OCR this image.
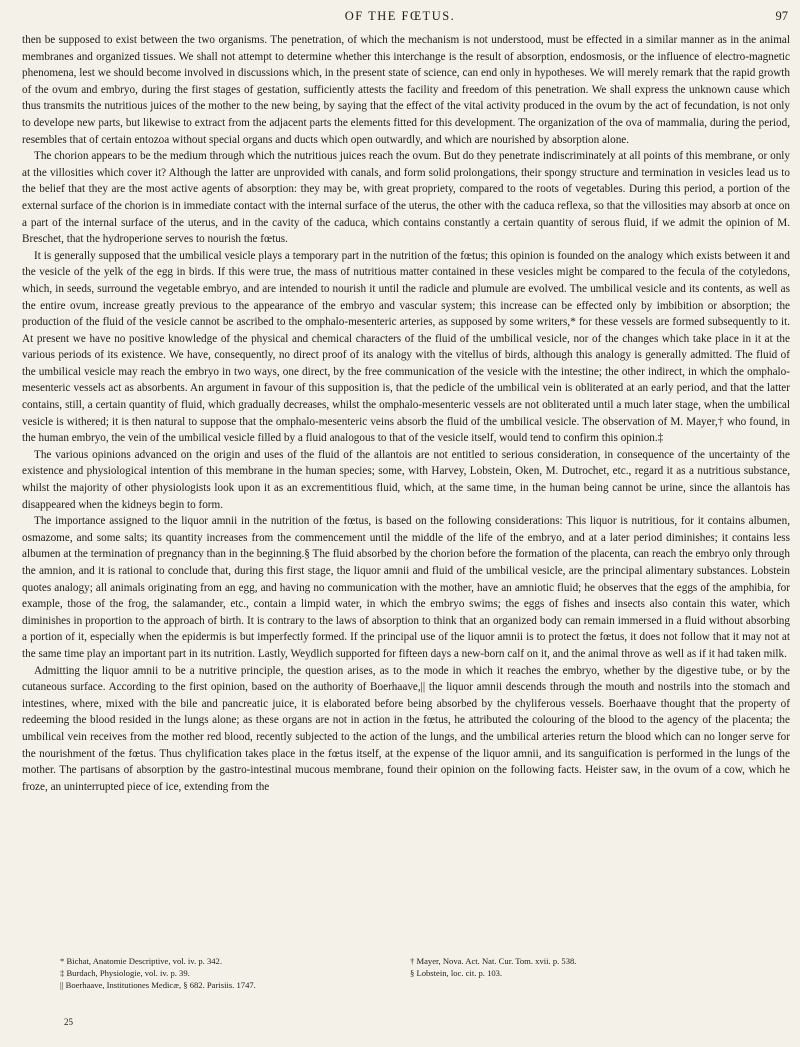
OF THE FŒTUS.	97

then be supposed to exist between the two organisms. The penetration, of which the mechanism is not understood, must be effected in a similar manner as in the animal membranes and organized tissues. We shall not attempt to determine whether this interchange is the result of absorption, endosmosis, or the influence of electro-magnetic phenomena, lest we should become involved in discussions which, in the present state of science, can end only in hypotheses. We will merely remark that the rapid growth of the ovum and embryo, during the first stages of gestation, sufficiently attests the facility and freedom of this penetration. We shall express the unknown cause which thus transmits the nutritious juices of the mother to the new being, by saying that the effect of the vital activity produced in the ovum by the act of fecundation, is not only to develope new parts, but likewise to extract from the adjacent parts the elements fitted for this development. The organization of the ova of mammalia, during the period, resembles that of certain entozoa without special organs and ducts which open outwardly, and which are nourished by absorption alone.

The chorion appears to be the medium through which the nutritious juices reach the ovum. But do they penetrate indiscriminately at all points of this membrane, or only at the villosities which cover it? Although the latter are unprovided with canals, and form solid prolongations, their spongy structure and termination in vesicles lead us to the belief that they are the most active agents of absorption: they may be, with great propriety, compared to the roots of vegetables. During this period, a portion of the external surface of the chorion is in immediate contact with the internal surface of the uterus, the other with the caduca reflexa, so that the villosities may absorb at once on a part of the internal surface of the uterus, and in the cavity of the caduca, which contains constantly a certain quantity of serous fluid, if we admit the opinion of M. Breschet, that the hydroperione serves to nourish the fœtus.

It is generally supposed that the umbilical vesicle plays a temporary part in the nutrition of the fœtus; this opinion is founded on the analogy which exists between it and the vesicle of the yelk of the egg in birds. If this were true, the mass of nutritious matter contained in these vesicles might be compared to the fecula of the cotyledons, which, in seeds, surround the vegetable embryo, and are intended to nourish it until the radicle and plumule are evolved. The umbilical vesicle and its contents, as well as the entire ovum, increase greatly previous to the appearance of the embryo and vascular system; this increase can be effected only by imbibition or absorption; the production of the fluid of the vesicle cannot be ascribed to the omphalo-mesenteric arteries, as supposed by some writers,* for these vessels are formed subsequently to it. At present we have no positive knowledge of the physical and chemical characters of the fluid of the umbilical vesicle, nor of the changes which take place in it at the various periods of its existence. We have, consequently, no direct proof of its analogy with the vitellus of birds, although this analogy is generally admitted. The fluid of the umbilical vesicle may reach the embryo in two ways, one direct, by the free communication of the vesicle with the intestine; the other indirect, in which the omphalo-mesenteric vessels act as absorbents. An argument in favour of this supposition is, that the pedicle of the umbilical vein is obliterated at an early period, and that the latter contains, still, a certain quantity of fluid, which gradually decreases, whilst the omphalo-mesenteric vessels are not obliterated until a much later stage, when the umbilical vesicle is withered; it is then natural to suppose that the omphalo-mesenteric veins absorb the fluid of the umbilical vesicle. The observation of M. Mayer,† who found, in the human embryo, the vein of the umbilical vesicle filled by a fluid analogous to that of the vesicle itself, would tend to confirm this opinion.‡

The various opinions advanced on the origin and uses of the fluid of the allantois are not entitled to serious consideration, in consequence of the uncertainty of the existence and physiological intention of this membrane in the human species; some, with Harvey, Lobstein, Oken, M. Dutrochet, etc., regard it as a nutritious substance, whilst the majority of other physiologists look upon it as an excrementitious fluid, which, at the same time, in the human being cannot be urine, since the allantois has disappeared when the kidneys begin to form.

The importance assigned to the liquor amnii in the nutrition of the fœtus, is based on the following considerations: This liquor is nutritious, for it contains albumen, osmazome, and some salts; its quantity increases from the commencement until the middle of the life of the embryo, and at a later period diminishes; it contains less albumen at the termination of pregnancy than in the beginning.§ The fluid absorbed by the chorion before the formation of the placenta, can reach the embryo only through the amnion, and it is rational to conclude that, during this first stage, the liquor amnii and fluid of the umbilical vesicle, are the principal alimentary substances. Lobstein quotes analogy; all animals originating from an egg, and having no communication with the mother, have an amniotic fluid; he observes that the eggs of the amphibia, for example, those of the frog, the salamander, etc., contain a limpid water, in which the embryo swims; the eggs of fishes and insects also contain this water, which diminishes in proportion to the approach of birth. It is contrary to the laws of absorption to think that an organized body can remain immersed in a fluid without absorbing a portion of it, especially when the epidermis is but imperfectly formed. If the principal use of the liquor amnii is to protect the fœtus, it does not follow that it may not at the same time play an important part in its nutrition. Lastly, Weydlich supported for fifteen days a new-born calf on it, and the animal throve as well as if it had taken milk.

Admitting the liquor amnii to be a nutritive principle, the question arises, as to the mode in which it reaches the embryo, whether by the digestive tube, or by the cutaneous surface. According to the first opinion, based on the authority of Boerhaave,|| the liquor amnii descends through the mouth and nostrils into the stomach and intestines, where, mixed with the bile and pancreatic juice, it is elaborated before being absorbed by the chyliferous vessels. Boerhaave thought that the property of redeeming the blood resided in the lungs alone; as these organs are not in action in the fœtus, he attributed the colouring of the blood to the agency of the placenta; the umbilical vein receives from the mother red blood, recently subjected to the action of the lungs, and the umbilical arteries return the blood which can no longer serve for the nourishment of the fœtus. Thus chylification takes place in the fœtus itself, at the expense of the liquor amnii, and its sanguification is performed in the lungs of the mother. The partisans of absorption by the gastro-intestinal mucous membrane, found their opinion on the following facts. Heister saw, in the ovum of a cow, which he froze, an uninterrupted piece of ice, extending from the

* Bichat, Anatomie Descriptive, vol. iv. p. 342.	† Mayer, Nova. Act. Nat. Cur. Tom. xvii. p. 538.
‡ Burdach, Physiologie, vol. iv. p. 39.	§ Lobstein, loc. cit. p. 103.
|| Boerhaave, Institutiones Medicæ, § 682. Parisiis. 1747.
25
